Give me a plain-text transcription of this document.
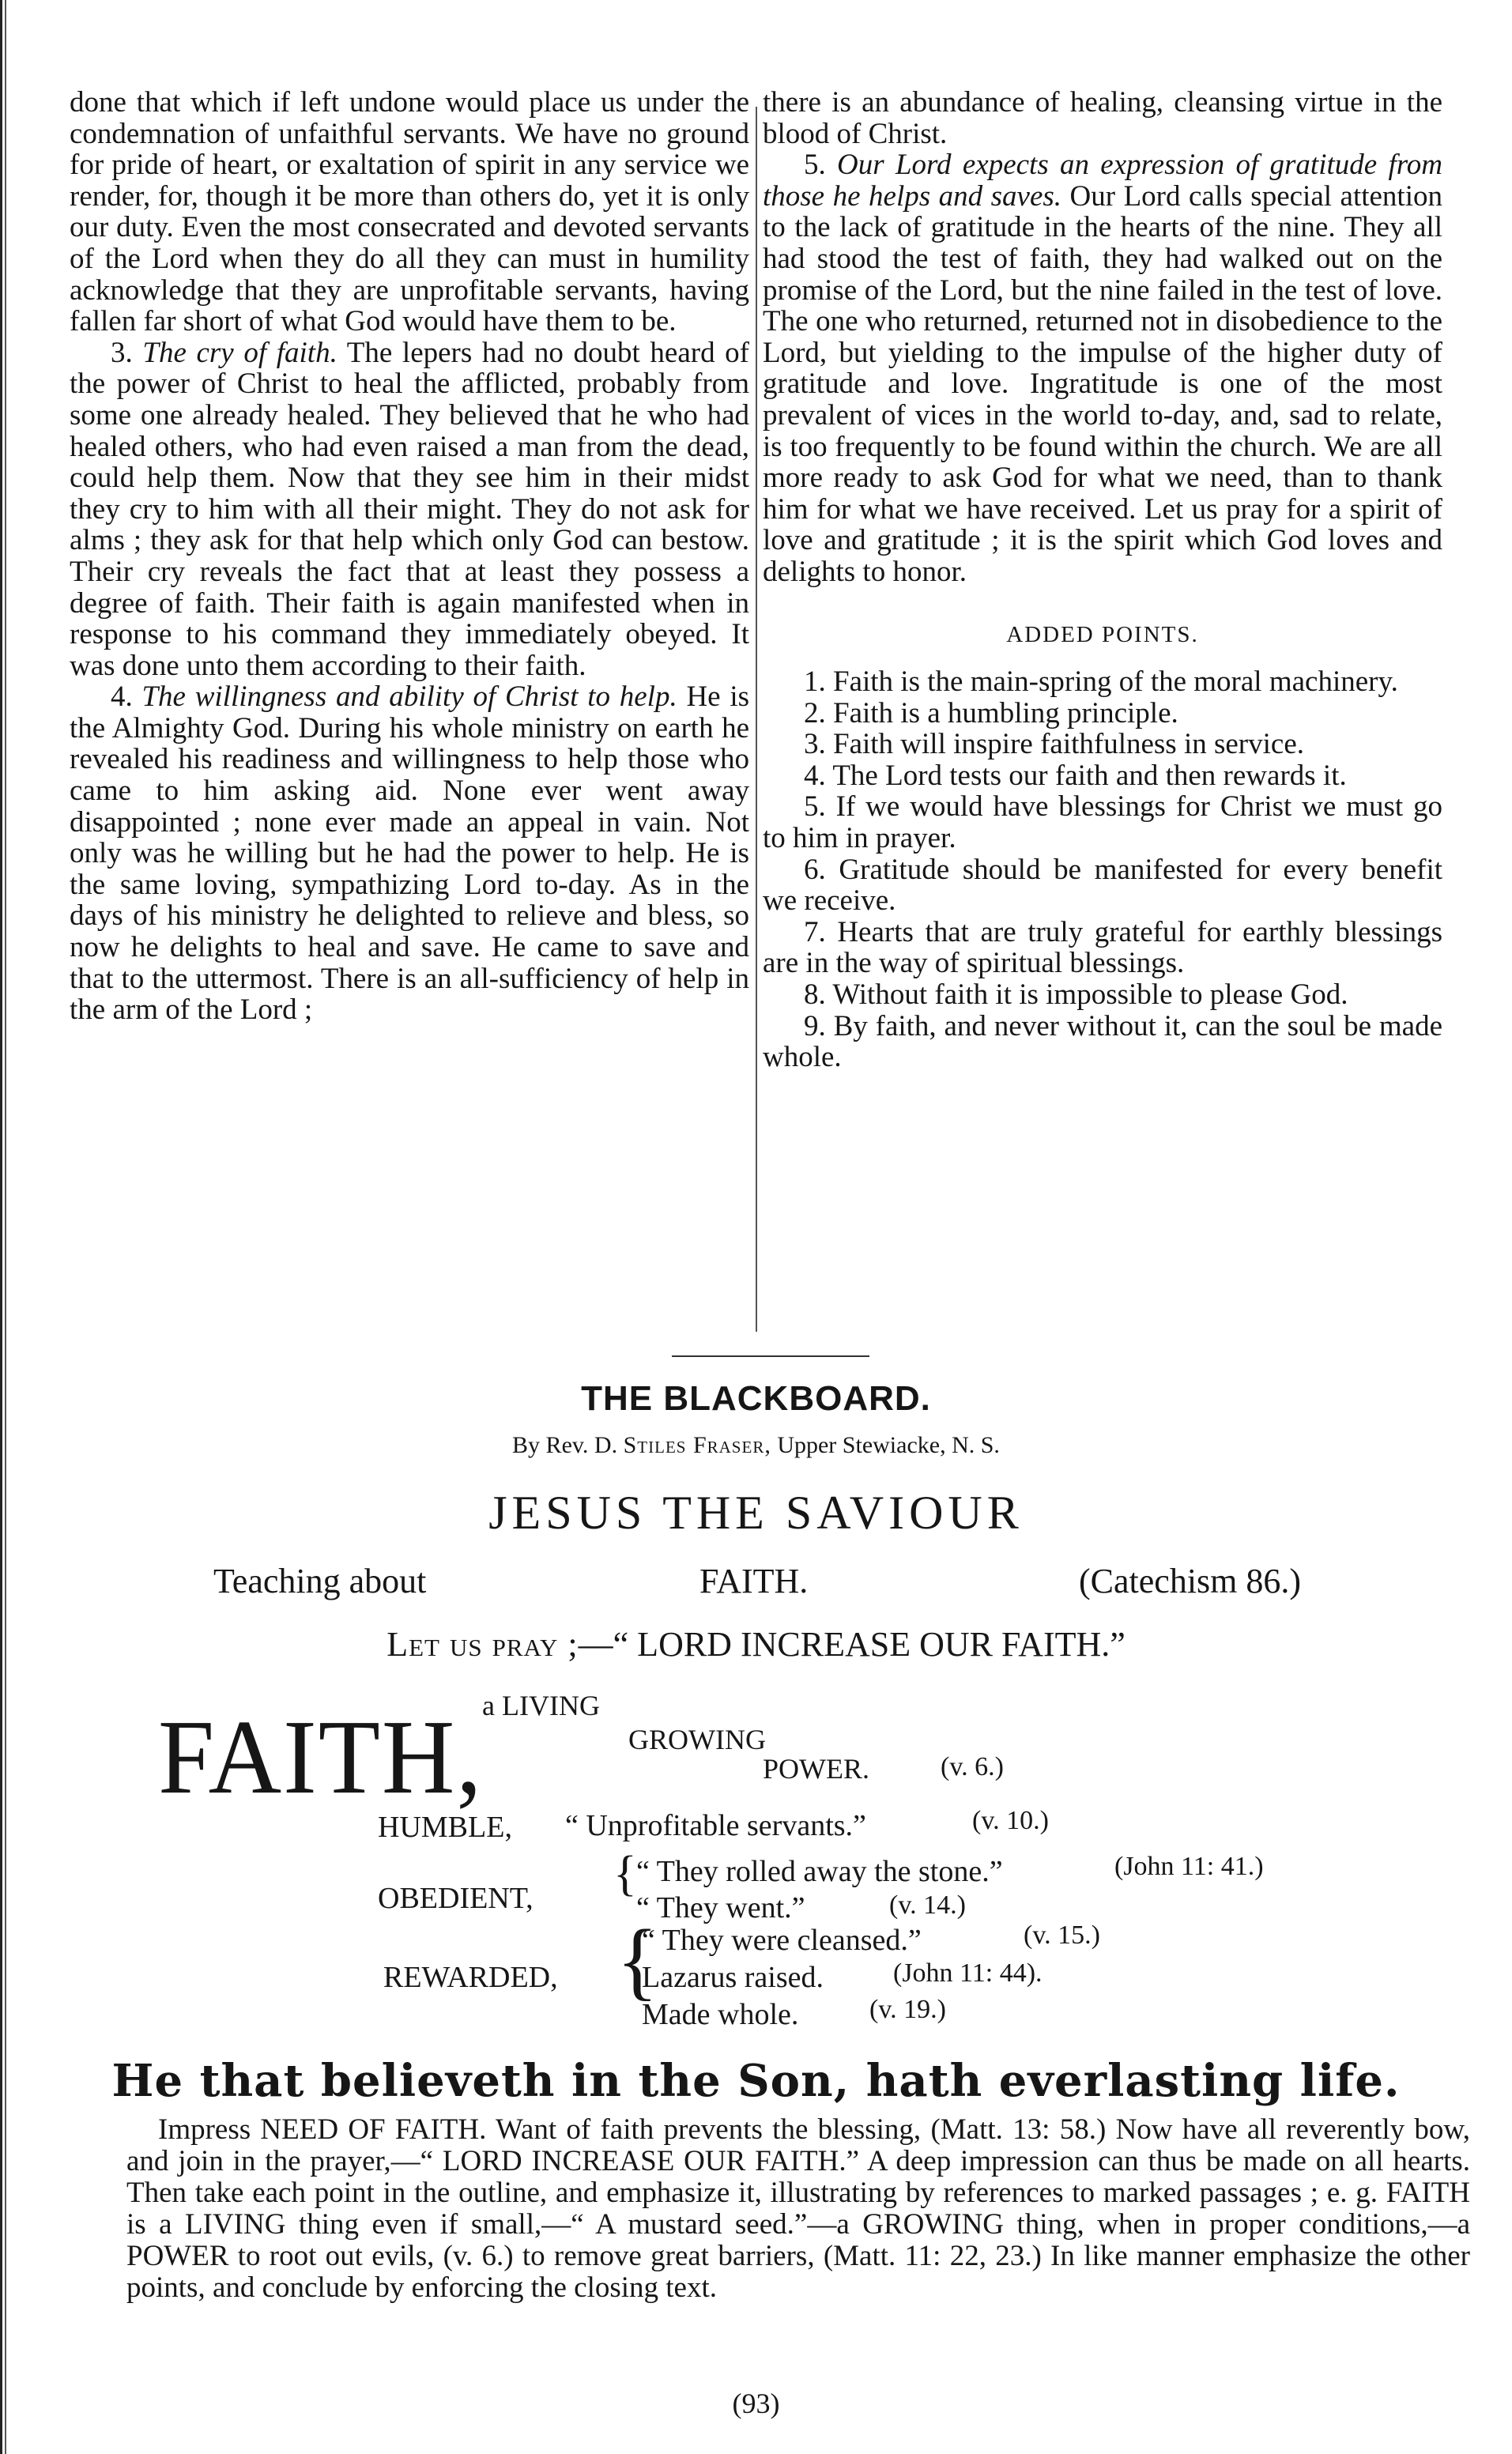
done that which if left undone would place us under the condemnation of unfaithful servants. We have no ground for pride of heart, or exaltation of spirit in any service we render, for, though it be more than others do, yet it is only our duty. Even the most consecrated and devoted servants of the Lord when they do all they can must in humility acknowledge that they are unprofitable servants, having fallen far short of what God would have them to be.

3. The cry of faith. The lepers had no doubt heard of the power of Christ to heal the afflicted, probably from some one already healed. They believed that he who had healed others, who had even raised a man from the dead, could help them. Now that they see him in their midst they cry to him with all their might. They do not ask for alms ; they ask for that help which only God can bestow. Their cry reveals the fact that at least they possess a degree of faith. Their faith is again manifested when in response to his command they immediately obeyed. It was done unto them according to their faith.

4. The willingness and ability of Christ to help. He is the Almighty God. During his whole ministry on earth he revealed his readiness and willingness to help those who came to him asking aid. None ever went away disappointed ; none ever made an appeal in vain. Not only was he willing but he had the power to help. He is the same loving, sympathizing Lord to-day. As in the days of his ministry he delighted to relieve and bless, so now he delights to heal and save. He came to save and that to the uttermost. There is an all-sufficiency of help in the arm of the Lord ;

there is an abundance of healing, cleansing virtue in the blood of Christ.

5. Our Lord expects an expression of gratitude from those he helps and saves. Our Lord calls special attention to the lack of gratitude in the hearts of the nine. They all had stood the test of faith, they had walked out on the promise of the Lord, but the nine failed in the test of love. The one who returned, returned not in disobedience to the Lord, but yielding to the impulse of the higher duty of gratitude and love. Ingratitude is one of the most prevalent of vices in the world to-day, and, sad to relate, is too frequently to be found within the church. We are all more ready to ask God for what we need, than to thank him for what we have received. Let us pray for a spirit of love and gratitude ; it is the spirit which God loves and delights to honor.

ADDED POINTS.

1. Faith is the main-spring of the moral machinery.

2. Faith is a humbling principle.

3. Faith will inspire faithfulness in service.

4. The Lord tests our faith and then rewards it.

5. If we would have blessings for Christ we must go to him in prayer.

6. Gratitude should be manifested for every benefit we receive.

7. Hearts that are truly grateful for earthly blessings are in the way of spiritual blessings.

8. Without faith it is impossible to please God.

9. By faith, and never without it, can the soul be made whole.

THE BLACKBOARD.
By Rev. D. Stiles Fraser, Upper Stewiacke, N. S.
JESUS THE SAVIOUR
Teaching about	FAITH.	(Catechism 86.)
Let us pray ;—“ LORD INCREASE OUR FAITH.”
FAITH,
a LIVING
GROWING
POWER.	(v. 6.)
HUMBLE, “ Unprofitable servants.”	(v. 10.)
OBEDIENT, { “ They rolled away the stone.”	(John 11: 41.)
“ They went.”	(v. 14.)
REWARDED, {
“ They were cleansed.”	(v. 15.)
Lazarus raised.	(John 11: 44).
Made whole.	(v. 19.)
He that believeth in the Son, hath everlasting life.
Impress NEED OF FAITH. Want of faith prevents the blessing, (Matt. 13: 58.) Now have all reverently bow, and join in the prayer,—“ LORD INCREASE OUR FAITH.” A deep impression can thus be made on all hearts. Then take each point in the outline, and emphasize it, illustrating by references to marked passages ; e. g. FAITH is a LIVING thing even if small,—“ A mustard seed.”—a GROWING thing, when in proper conditions,—a POWER to root out evils, (v. 6.) to remove great barriers, (Matt. 11: 22, 23.) In like manner emphasize the other points, and conclude by enforcing the closing text.
(93)
